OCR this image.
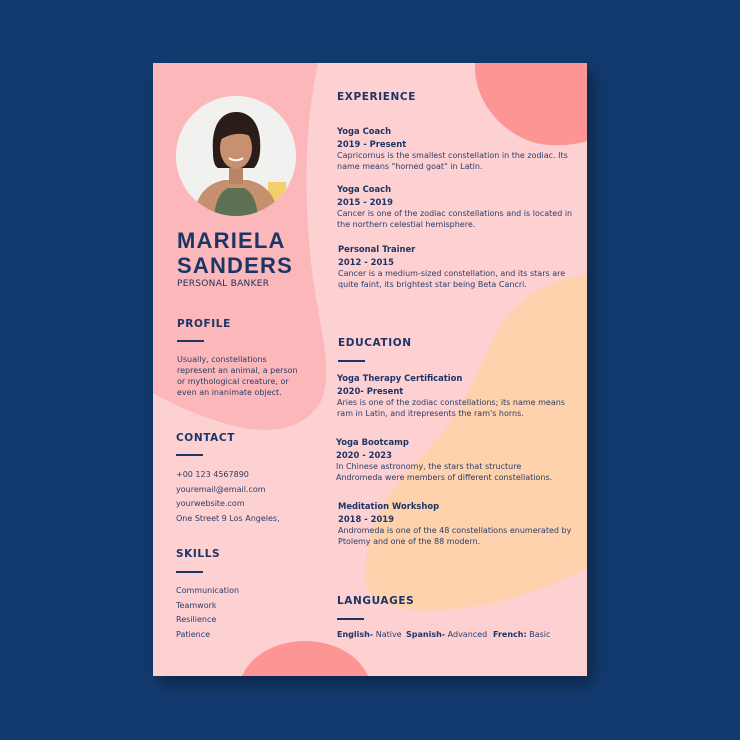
MARIELA
SANDERS
PERSONAL BANKER
PROFILE
Usually, constellations
represent an animal, a person
or mythological creature, or
even an inanimate object.
CONTACT
+00 123 4567890
youremail@email.com
yourwebsite.com
One Street 9 Los Angeles,
SKILLS
Communication
Teamwork
Resilience
Patience
EXPERIENCE
Yoga Coach
2019 - Present
Capricornus is the smallest constellation in the zodiac. Its
name means "horned goat" in Latin.
Yoga Coach
2015 - 2019
Cancer is one of the zodiac constellations and is located in
the northern celestial hemisphere.
Personal Trainer
2012 - 2015
Cancer is a medium-sized constellation, and its stars are
quite faint, its brightest star being Beta Cancri.
EDUCATION
Yoga Therapy Certification
2020- Present
Aries is one of the zodiac constellations; its name means
ram in Latin, and itrepresents the ram's horns.
Yoga Bootcamp
2020 - 2023
In Chinese astronomy, the stars that structure
Andromeda were members of different constellations.
Meditation Workshop
2018 - 2019
Andromeda is one of the 48 constellations enumerated by
Ptolemy and one of the 88 modern.
LANGUAGES
English- Native Spanish- Advanced French: Basic
